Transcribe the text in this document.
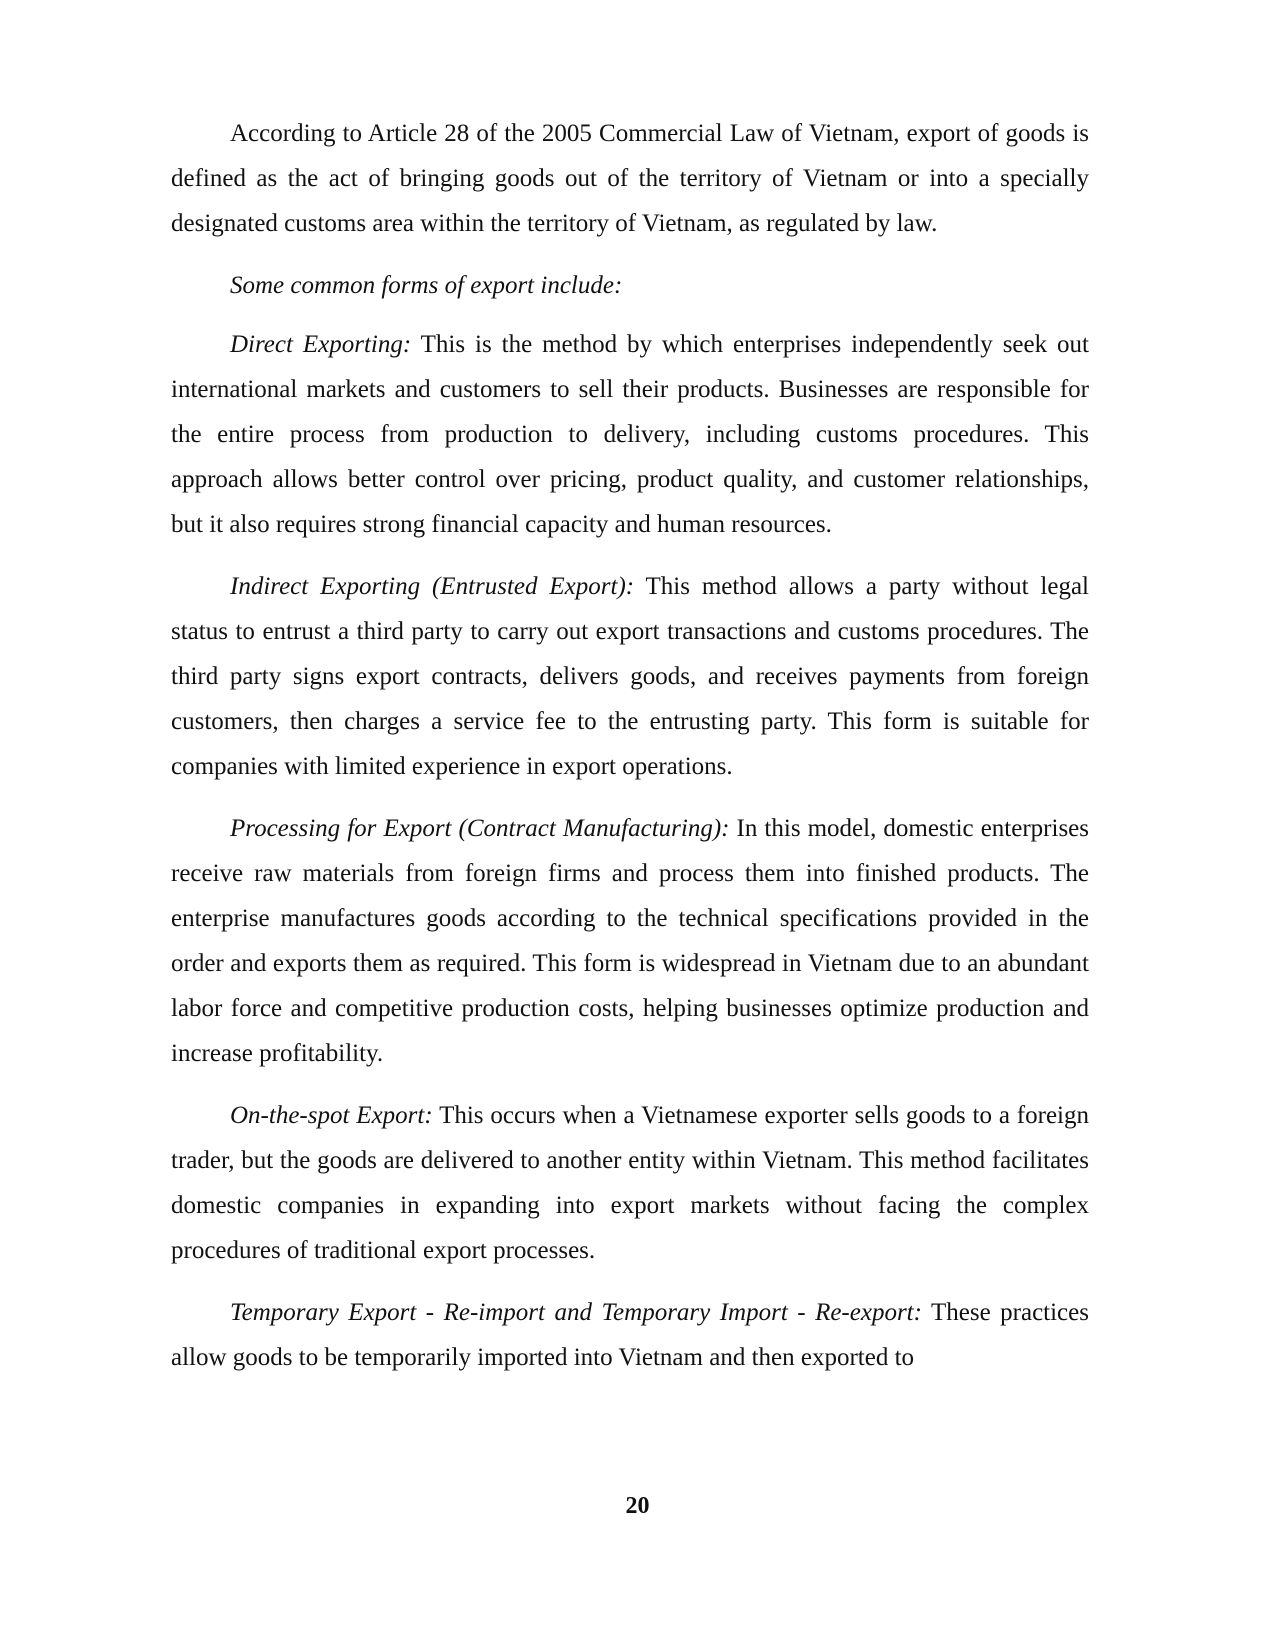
According to Article 28 of the 2005 Commercial Law of Vietnam, export of goods is defined as the act of bringing goods out of the territory of Vietnam or into a specially designated customs area within the territory of Vietnam, as regulated by law.

Some common forms of export include:

Direct Exporting: This is the method by which enterprises independently seek out international markets and customers to sell their products. Businesses are responsible for the entire process from production to delivery, including customs procedures. This approach allows better control over pricing, product quality, and customer relationships, but it also requires strong financial capacity and human resources.

Indirect Exporting (Entrusted Export): This method allows a party without legal status to entrust a third party to carry out export transactions and customs procedures. The third party signs export contracts, delivers goods, and receives payments from foreign customers, then charges a service fee to the entrusting party. This form is suitable for companies with limited experience in export operations.

Processing for Export (Contract Manufacturing): In this model, domestic enterprises receive raw materials from foreign firms and process them into finished products. The enterprise manufactures goods according to the technical specifications provided in the order and exports them as required. This form is widespread in Vietnam due to an abundant labor force and competitive production costs, helping businesses optimize production and increase profitability.

On-the-spot Export: This occurs when a Vietnamese exporter sells goods to a foreign trader, but the goods are delivered to another entity within Vietnam. This method facilitates domestic companies in expanding into export markets without facing the complex procedures of traditional export processes.

Temporary Export - Re-import and Temporary Import - Re-export: These practices allow goods to be temporarily imported into Vietnam and then exported to

20
